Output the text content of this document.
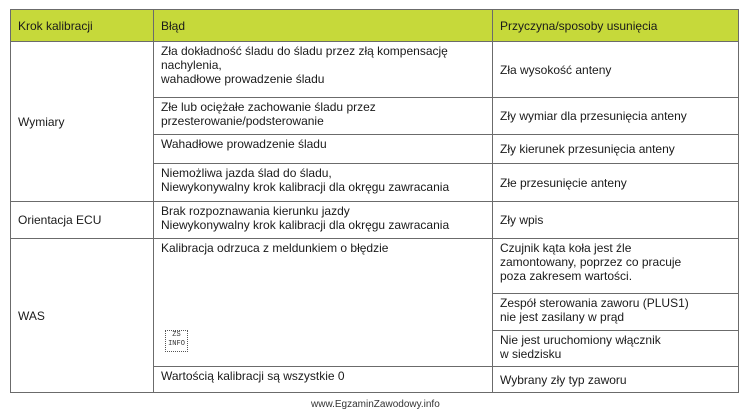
Krok kalibracji	Błąd	Przyczyna/sposoby usunięcia
Wymiary	Zła dokładność śladu do śladu przez złą kompensację
nachylenia,
wahadłowe prowadzenie śladu	Zła wysokość anteny

	Złe lub ociężałe zachowanie śladu przez
przesterowanie/podsterowanie	Zły wymiar dla przesunięcia anteny

	Wahadłowe prowadzenie śladu	Zły kierunek przesunięcia anteny

	Niemożliwa jazda ślad do śladu,
Niewykonywalny krok kalibracji dla okręgu zawracania	Złe przesunięcie anteny

Orientacja ECU	Brak rozpoznawania kierunku jazdy
Niewykonywalny krok kalibracji dla okręgu zawracania	Zły wpis

WAS	Kalibracja odrzuca z meldunkiem o błędzie	Czujnik kąta koła jest źle
zamontowany, poprzez co pracuje
poza zakresem wartości.

		Zespół sterowania zaworu (PLUS1)
nie jest zasilany w prąd

		Nie jest uruchomiony włącznik
w siedzisku

	Wartością kalibracji są wszystkie 0	Wybrany zły typ zaworu
ZS
INFO
www.EgzaminZawodowy.info
